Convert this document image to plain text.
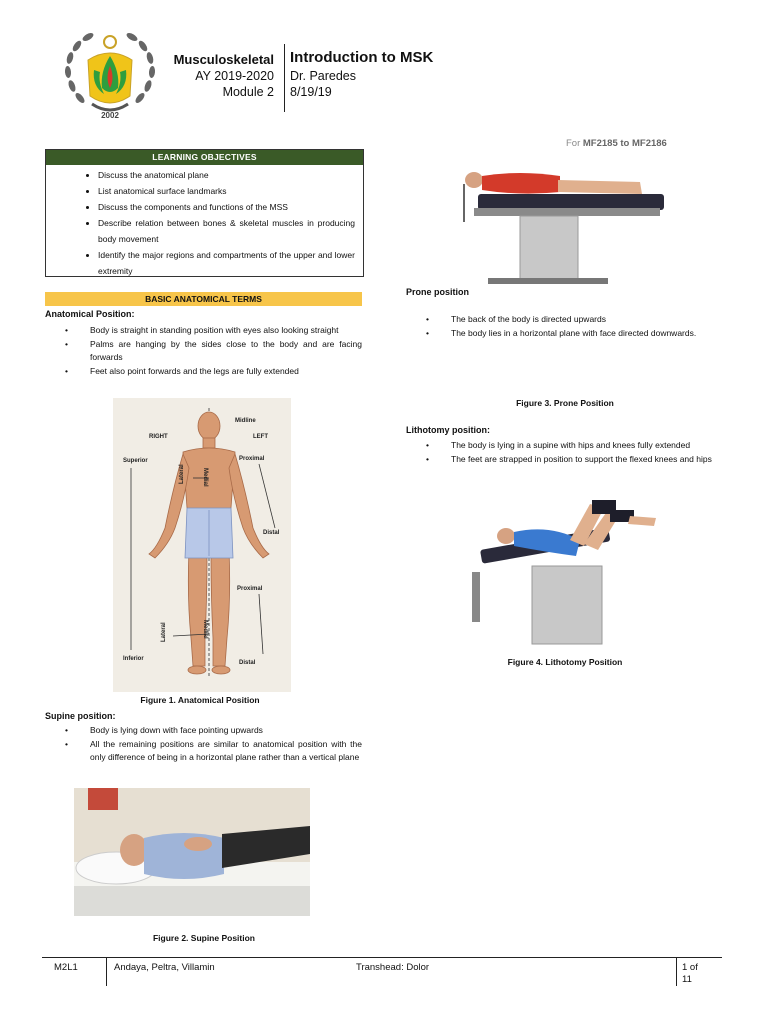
2002
Musculoskeletal
AY 2019-2020
Module 2
Introduction to MSK
Dr. Paredes
8/19/19
LEARNING OBJECTIVES
• Discuss the anatomical plane
• List anatomical surface landmarks
• Discuss the components and functions of the MSS
• Describe relation between bones & skeletal muscles in producing body movement
• Identify the major regions and compartments of the upper and lower extremity
BASIC ANATOMICAL TERMS
Anatomical Position:
• Body is straight in standing position with eyes also looking straight
• Palms are hanging by the sides close to the body and are facing forwards
• Feet also point forwards and the legs are fully extended
Midline
RIGHT	LEFT
Superior	Proximal
Lateral	Medial
Distal
Proximal
Lateral	Medial
Inferior
Distal
Figure 1. Anatomical Position
Supine position:
• Body is lying down with face pointing upwards
• All the remaining positions are similar to anatomical position with the only difference of being in a horizontal plane rather than a vertical plane
Figure 2. Supine Position
For MF2185 to MF2186
Prone position
• The back of the body is directed upwards
• The body lies in a horizontal plane with face directed downwards.
Figure 3. Prone Position
Lithotomy position:
• The body is lying in a supine with hips and knees fully extended
• The feet are strapped in position to support the flexed knees and hips
Figure 4. Lithotomy Position
M2L1	Andaya, Peltra, Villamin	Transhead: Dolor	1 of
11
